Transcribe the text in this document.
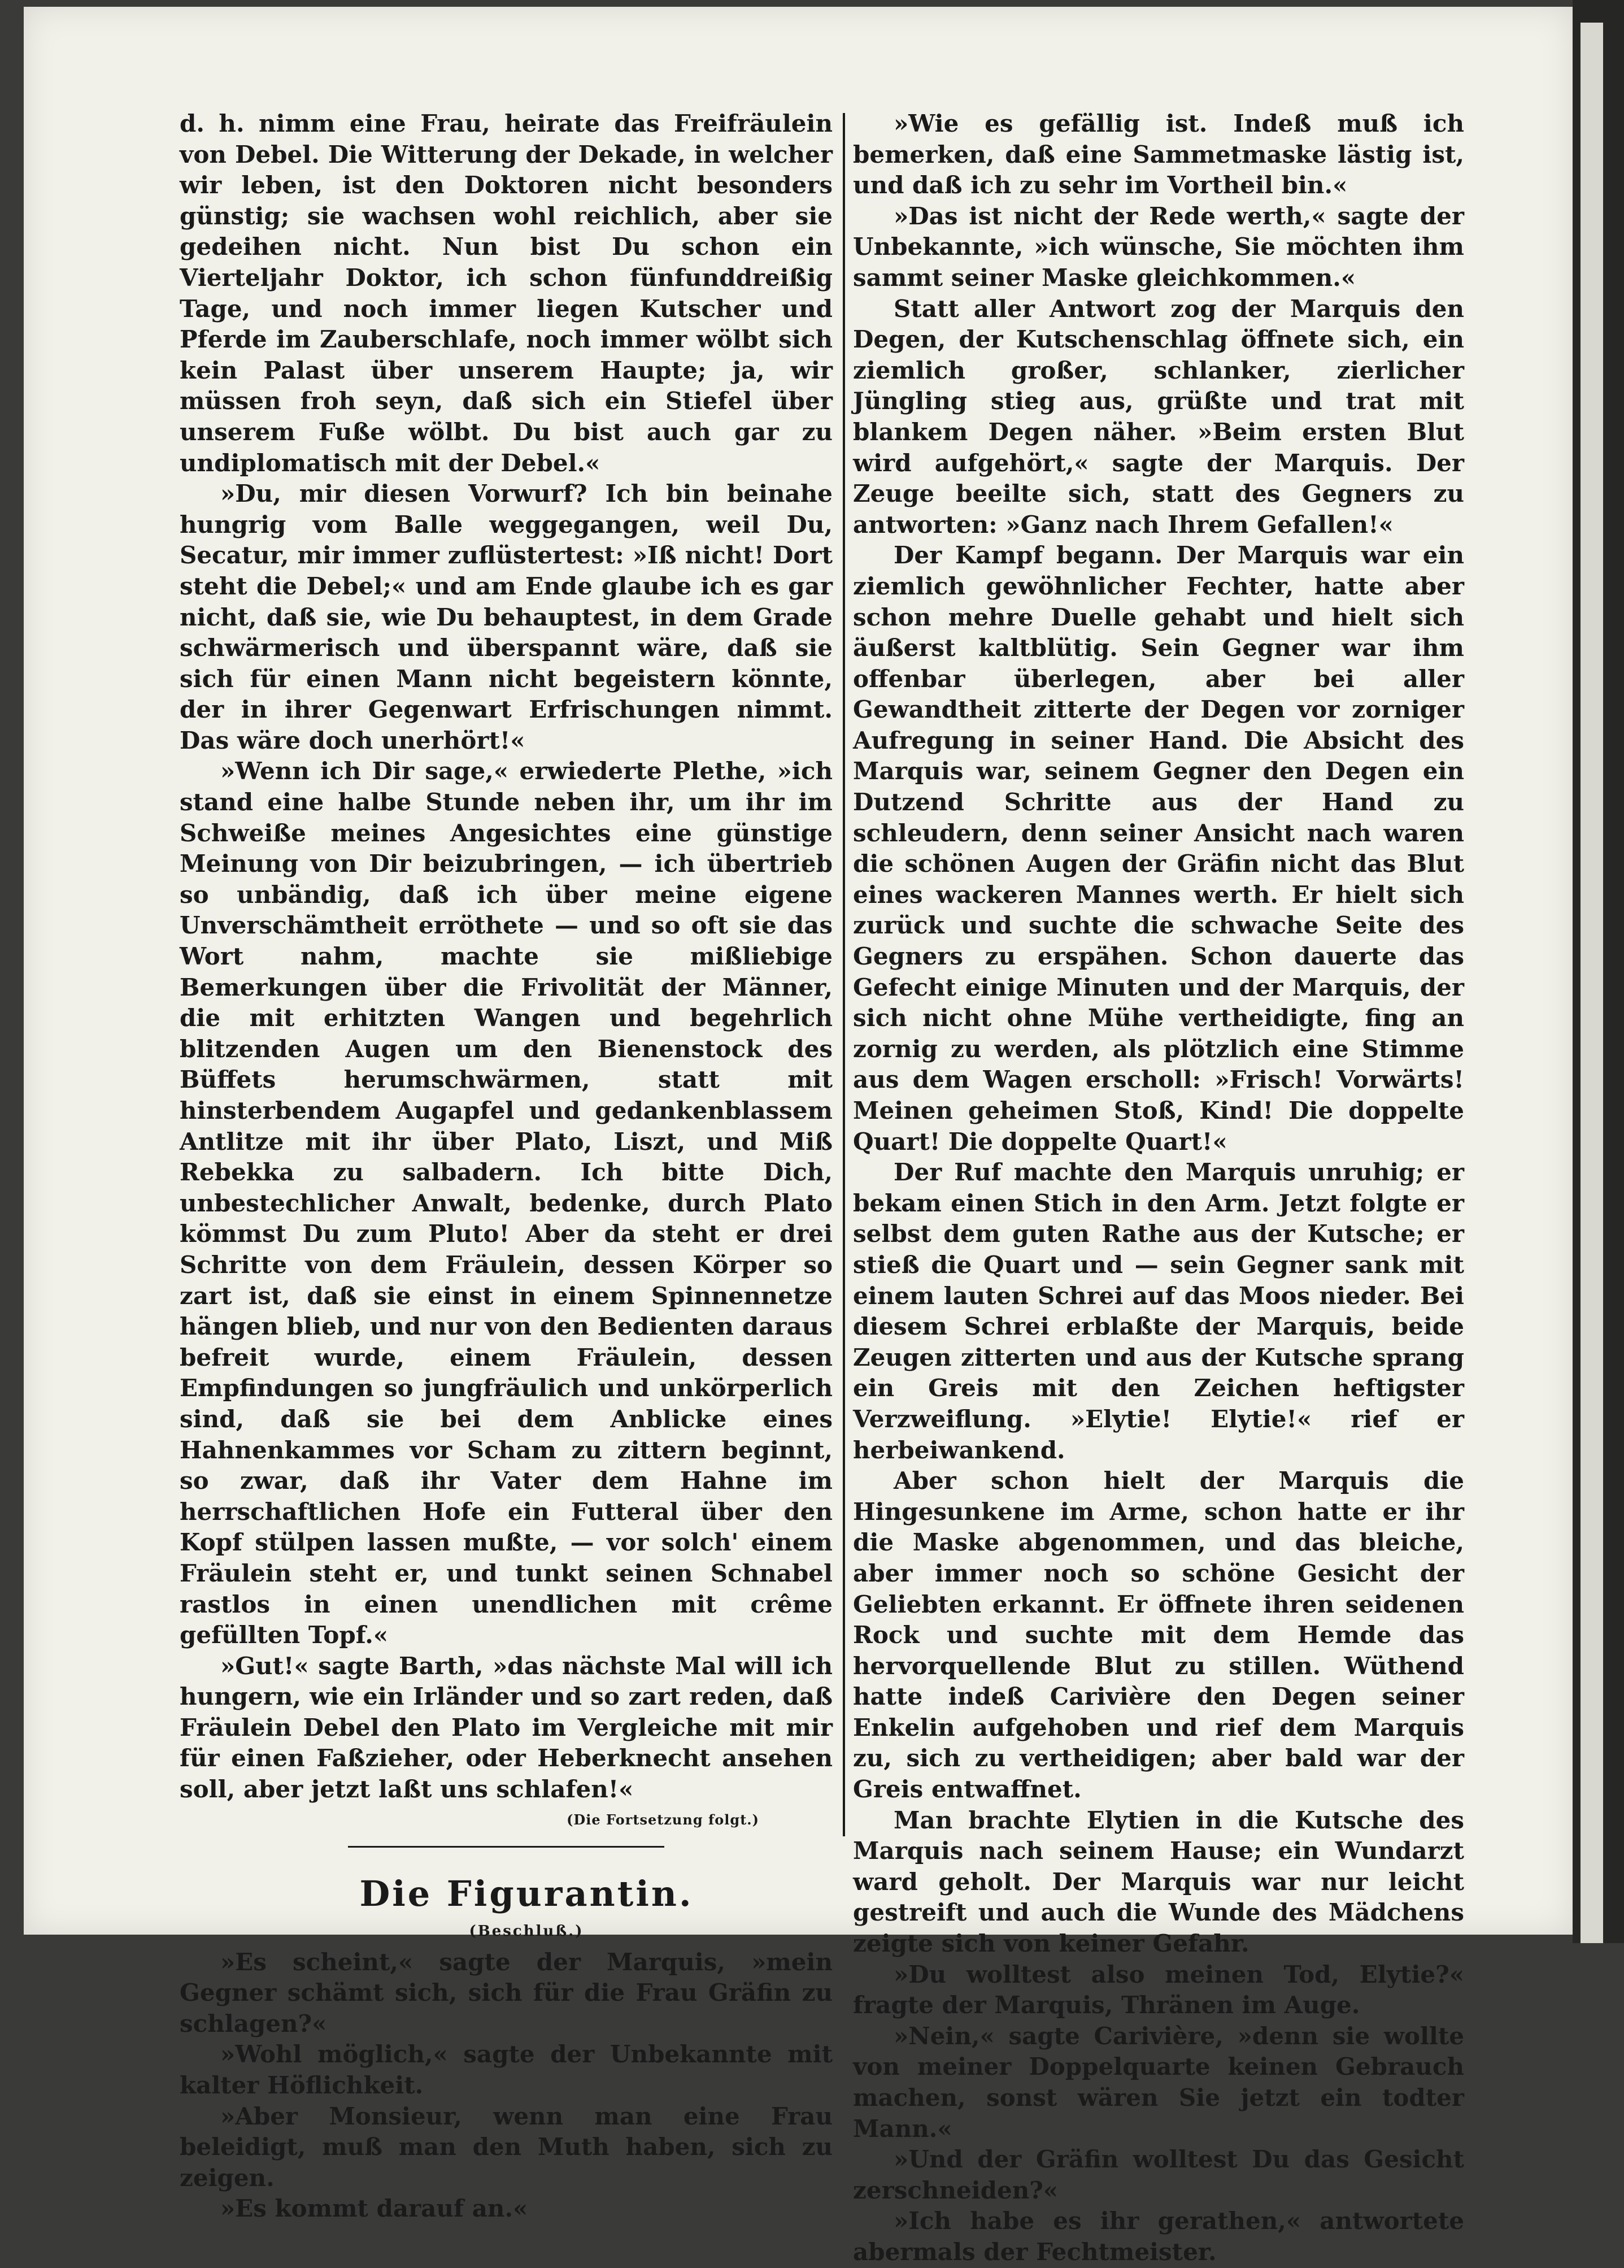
d. h. nimm eine Frau, heirate das Freifräulein von Debel. Die Witterung der Dekade, in welcher wir leben, ist den Doktoren nicht besonders günstig; sie wachsen wohl reichlich, aber sie gedeihen nicht. Nun bist Du schon ein Vierteljahr Doktor, ich schon fünfunddreißig Tage, und noch immer liegen Kutscher und Pferde im Zauberschlafe, noch immer wölbt sich kein Palast über unserem Haupte; ja, wir müssen froh seyn, daß sich ein Stiefel über unserem Fuße wölbt. Du bist auch gar zu undiplomatisch mit der Debel.«

»Du, mir diesen Vorwurf? Ich bin beinahe hungrig vom Balle weggegangen, weil Du, Secatur, mir immer zuflüstertest: »Iß nicht! Dort steht die Debel;« und am Ende glaube ich es gar nicht, daß sie, wie Du behauptest, in dem Grade schwärmerisch und überspannt wäre, daß sie sich für einen Mann nicht begeistern könnte, der in ihrer Gegenwart Erfrischungen nimmt. Das wäre doch unerhört!«

»Wenn ich Dir sage,« erwiederte Plethe, »ich stand eine halbe Stunde neben ihr, um ihr im Schweiße meines Angesichtes eine günstige Meinung von Dir beizubringen, — ich übertrieb so unbändig, daß ich über meine eigene Unverschämtheit erröthete — und so oft sie das Wort nahm, machte sie mißliebige Bemerkungen über die Frivolität der Männer, die mit erhitzten Wangen und begehrlich blitzenden Augen um den Bienenstock des Büffets herumschwärmen, statt mit hinsterbendem Augapfel und gedankenblassem Antlitze mit ihr über Plato, Liszt, und Miß Rebekka zu salbadern. Ich bitte Dich, unbestechlicher Anwalt, bedenke, durch Plato kömmst Du zum Pluto! Aber da steht er drei Schritte von dem Fräulein, dessen Körper so zart ist, daß sie einst in einem Spinnennetze hängen blieb, und nur von den Bedienten daraus befreit wurde, einem Fräulein, dessen Empfindungen so jungfräulich und unkörperlich sind, daß sie bei dem Anblicke eines Hahnenkammes vor Scham zu zittern beginnt, so zwar, daß ihr Vater dem Hahne im herrschaftlichen Hofe ein Futteral über den Kopf stülpen lassen mußte, — vor solch' einem Fräulein steht er, und tunkt seinen Schnabel rastlos in einen unendlichen mit crême gefüllten Topf.«

»Gut!« sagte Barth, »das nächste Mal will ich hungern, wie ein Irländer und so zart reden, daß Fräulein Debel den Plato im Vergleiche mit mir für einen Faßzieher, oder Heberknecht ansehen soll, aber jetzt laßt uns schlafen!«

(Die Fortsetzung folgt.)

Die Figurantin.

(Beschluß.)

»Es scheint,« sagte der Marquis, »mein Gegner schämt sich, sich für die Frau Gräfin zu schlagen?«

»Wohl möglich,« sagte der Unbekannte mit kalter Höflichkeit.

»Aber Monsieur, wenn man eine Frau beleidigt, muß man den Muth haben, sich zu zeigen.

»Es kommt darauf an.«

»Wie es gefällig ist. Indeß muß ich bemerken, daß eine Sammetmaske lästig ist, und daß ich zu sehr im Vortheil bin.«

»Das ist nicht der Rede werth,« sagte der Unbekannte, »ich wünsche, Sie möchten ihm sammt seiner Maske gleichkommen.«

Statt aller Antwort zog der Marquis den Degen, der Kutschenschlag öffnete sich, ein ziemlich großer, schlanker, zierlicher Jüngling stieg aus, grüßte und trat mit blankem Degen näher. »Beim ersten Blut wird aufgehört,« sagte der Marquis. Der Zeuge beeilte sich, statt des Gegners zu antworten: »Ganz nach Ihrem Gefallen!«

Der Kampf begann. Der Marquis war ein ziemlich gewöhnlicher Fechter, hatte aber schon mehre Duelle gehabt und hielt sich äußerst kaltblütig. Sein Gegner war ihm offenbar überlegen, aber bei aller Gewandtheit zitterte der Degen vor zorniger Aufregung in seiner Hand. Die Absicht des Marquis war, seinem Gegner den Degen ein Dutzend Schritte aus der Hand zu schleudern, denn seiner Ansicht nach waren die schönen Augen der Gräfin nicht das Blut eines wackeren Mannes werth. Er hielt sich zurück und suchte die schwache Seite des Gegners zu erspähen. Schon dauerte das Gefecht einige Minuten und der Marquis, der sich nicht ohne Mühe vertheidigte, fing an zornig zu werden, als plötzlich eine Stimme aus dem Wagen erscholl: »Frisch! Vorwärts! Meinen geheimen Stoß, Kind! Die doppelte Quart! Die doppelte Quart!«

Der Ruf machte den Marquis unruhig; er bekam einen Stich in den Arm. Jetzt folgte er selbst dem guten Rathe aus der Kutsche; er stieß die Quart und — sein Gegner sank mit einem lauten Schrei auf das Moos nieder. Bei diesem Schrei erblaßte der Marquis, beide Zeugen zitterten und aus der Kutsche sprang ein Greis mit den Zeichen heftigster Verzweiflung. »Elytie! Elytie!« rief er herbeiwankend.

Aber schon hielt der Marquis die Hingesunkene im Arme, schon hatte er ihr die Maske abgenommen, und das bleiche, aber immer noch so schöne Gesicht der Geliebten erkannt. Er öffnete ihren seidenen Rock und suchte mit dem Hemde das hervorquellende Blut zu stillen. Wüthend hatte indeß Carivière den Degen seiner Enkelin aufgehoben und rief dem Marquis zu, sich zu vertheidigen; aber bald war der Greis entwaffnet.

Man brachte Elytien in die Kutsche des Marquis nach seinem Hause; ein Wundarzt ward geholt. Der Marquis war nur leicht gestreift und auch die Wunde des Mädchens zeigte sich von keiner Gefahr.

»Du wolltest also meinen Tod, Elytie?« fragte der Marquis, Thränen im Auge.

»Nein,« sagte Carivière, »denn sie wollte von meiner Doppelquarte keinen Gebrauch machen, sonst wären Sie jetzt ein todter Mann.«

»Und der Gräfin wolltest Du das Gesicht zerschneiden?«

»Ich habe es ihr gerathen,« antwortete abermals der Fechtmeister.
